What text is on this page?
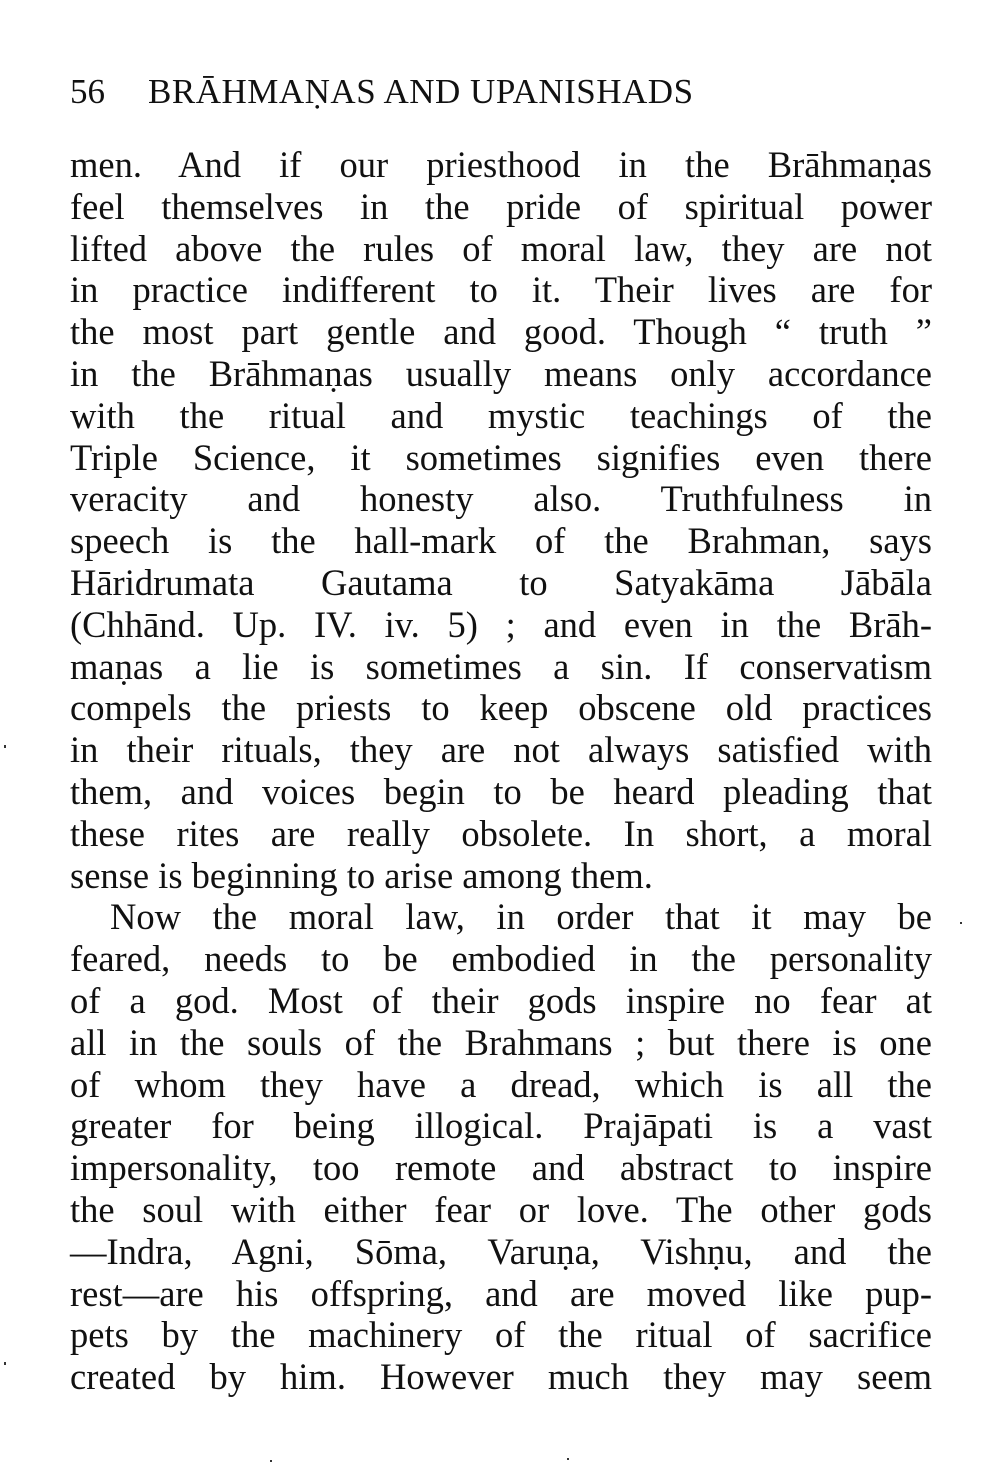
56 BRĀHMAṆAS AND UPANISHADS
men. And if our priesthood in the Brāhmaṇas
feel themselves in the pride of spiritual power
lifted above the rules of moral law, they are not
in practice indifferent to it. Their lives are for
the most part gentle and good. Though “ truth ”
in the Brāhmaṇas usually means only accordance
with the ritual and mystic teachings of the
Triple Science, it sometimes signifies even there
veracity and honesty also. Truthfulness in
speech is the hall-mark of the Brahman, says
Hāridrumata Gautama to Satyakāma Jābāla
(Chhānd. Up. IV. iv. 5) ; and even in the Brāh-
maṇas a lie is sometimes a sin. If conservatism
compels the priests to keep obscene old practices
in their rituals, they are not always satisfied with
them, and voices begin to be heard pleading that
these rites are really obsolete. In short, a moral
sense is beginning to arise among them.
Now the moral law, in order that it may be
feared, needs to be embodied in the personality
of a god. Most of their gods inspire no fear at
all in the souls of the Brahmans ; but there is one
of whom they have a dread, which is all the
greater for being illogical. Prajāpati is a vast
impersonality, too remote and abstract to inspire
the soul with either fear or love. The other gods
—Indra, Agni, Sōma, Varuṇa, Vishṇu, and the
rest—are his offspring, and are moved like pup-
pets by the machinery of the ritual of sacrifice
created by him. However much they may seem
